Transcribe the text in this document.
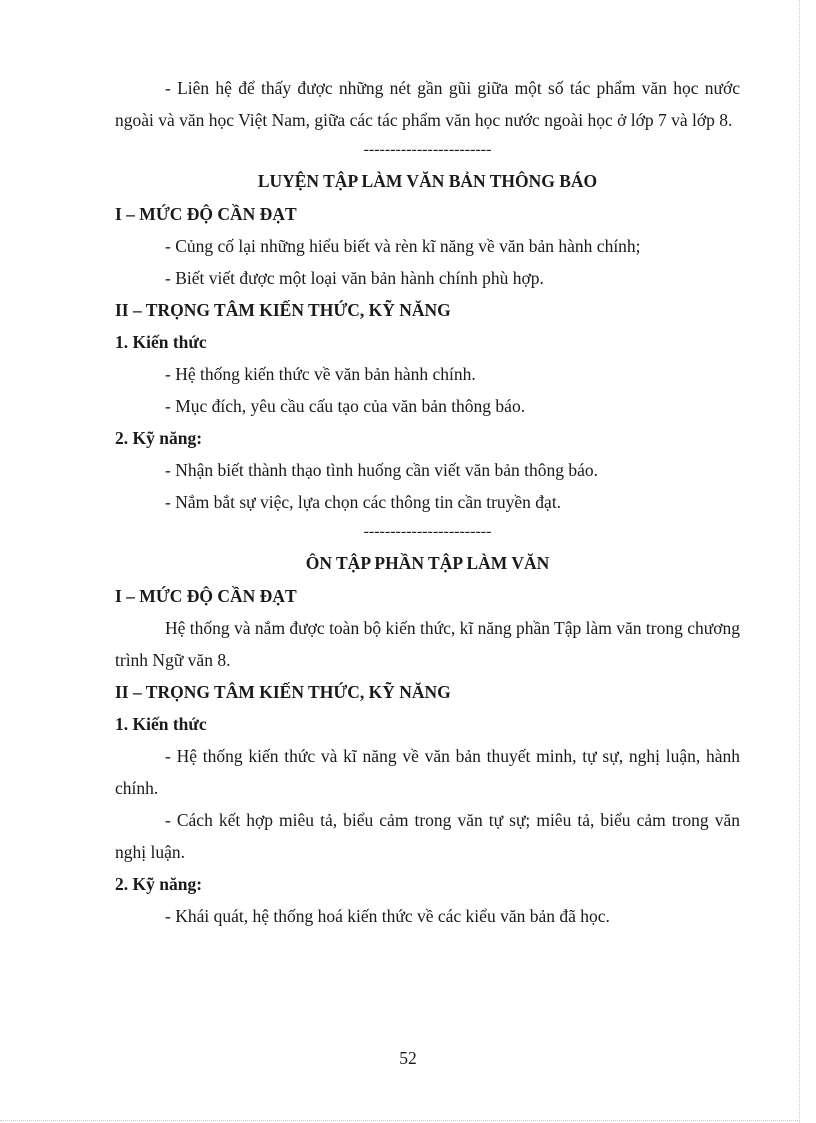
- Liên hệ để thấy được những nét gần gũi giữa một số tác phẩm văn học nước ngoài và văn học Việt Nam, giữa các tác phẩm văn học nước ngoài học ở lớp 7 và lớp 8.

------------------------

LUYỆN TẬP LÀM VĂN BẢN THÔNG BÁO

I – MỨC ĐỘ CẦN ĐẠT

- Củng cố lại những hiểu biết và rèn kĩ năng về văn bản hành chính;

- Biết viết được một loại văn bản hành chính phù hợp.

II – TRỌNG TÂM KIẾN THỨC, KỸ NĂNG

1. Kiến thức

- Hệ thống kiến thức về văn bản hành chính.

- Mục đích, yêu cầu cấu tạo của văn bản thông báo.

2. Kỹ năng:

- Nhận biết thành thạo tình huống cần viết văn bản thông báo.

- Nắm bắt sự việc, lựa chọn các thông tin cần truyền đạt.

------------------------

ÔN TẬP PHẦN TẬP LÀM VĂN

I – MỨC ĐỘ CẦN ĐẠT

Hệ thống và nắm được toàn bộ kiến thức, kĩ năng phần Tập làm văn trong chương trình Ngữ văn 8.

II – TRỌNG TÂM KIẾN THỨC, KỸ NĂNG

1. Kiến thức

- Hệ thống kiến thức và kĩ năng về văn bản thuyết minh, tự sự, nghị luận, hành chính.

- Cách kết hợp miêu tả, biểu cảm trong văn tự sự; miêu tả, biểu cảm trong văn nghị luận.

2. Kỹ năng:

- Khái quát, hệ thống hoá kiến thức về các kiểu văn bản đã học.

52
